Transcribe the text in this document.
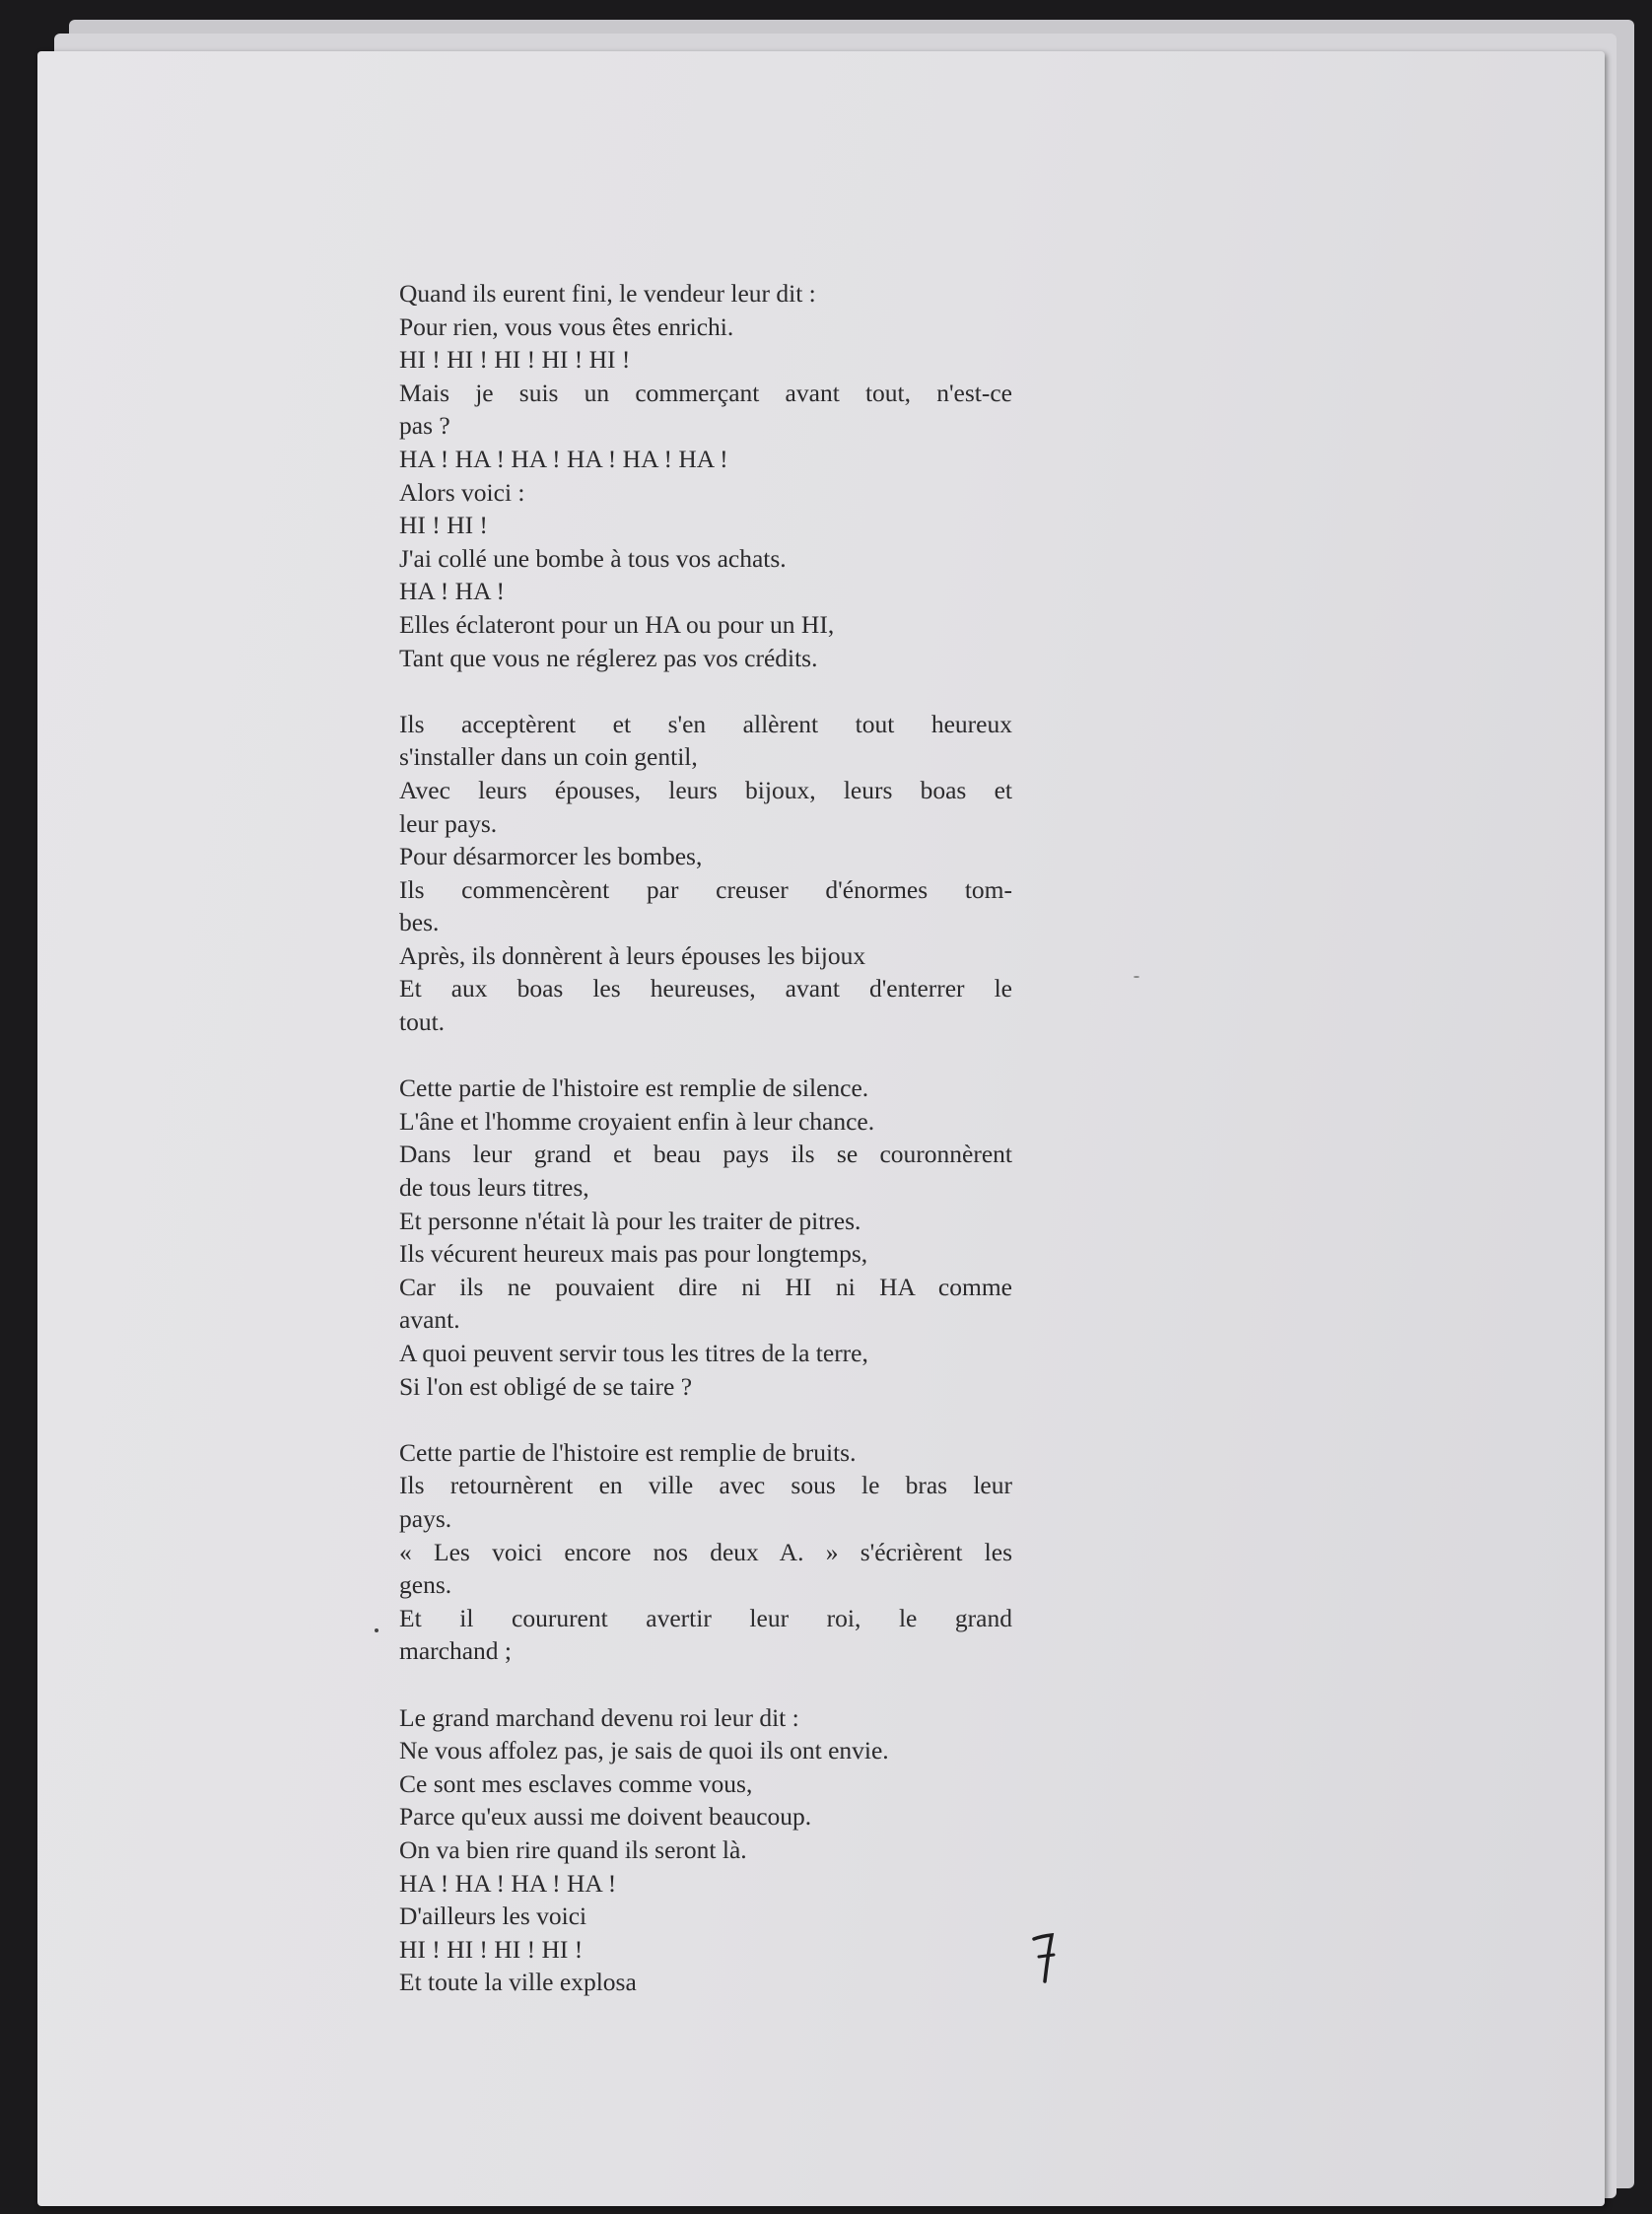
Quand ils eurent fini, le vendeur leur dit :
Pour rien, vous vous êtes enrichi.
HI ! HI ! HI ! HI ! HI !
Mais je suis un commerçant avant tout, n'est-ce
pas ?
HA ! HA ! HA ! HA ! HA ! HA !
Alors voici :
HI ! HI !
J'ai collé une bombe à tous vos achats.
HA ! HA !
Elles éclateront pour un HA ou pour un HI,
Tant que vous ne réglerez pas vos crédits.
Ils acceptèrent et s'en allèrent tout heureux
s'installer dans un coin gentil,
Avec leurs épouses, leurs bijoux, leurs boas et
leur pays.
Pour désarmorcer les bombes,
Ils commencèrent par creuser d'énormes tom-
bes.
Après, ils donnèrent à leurs épouses les bijoux
Et aux boas les heureuses, avant d'enterrer le
tout.
Cette partie de l'histoire est remplie de silence.
L'âne et l'homme croyaient enfin à leur chance.
Dans leur grand et beau pays ils se couronnèrent
de tous leurs titres,
Et personne n'était là pour les traiter de pitres.
Ils vécurent heureux mais pas pour longtemps,
Car ils ne pouvaient dire ni HI ni HA comme
avant.
A quoi peuvent servir tous les titres de la terre,
Si l'on est obligé de se taire ?
Cette partie de l'histoire est remplie de bruits.
Ils retournèrent en ville avec sous le bras leur
pays.
« Les voici encore nos deux A. » s'écrièrent les
gens.
Et il coururent avertir leur roi, le grand
marchand ;
Le grand marchand devenu roi leur dit :
Ne vous affolez pas, je sais de quoi ils ont envie.
Ce sont mes esclaves comme vous,
Parce qu'eux aussi me doivent beaucoup.
On va bien rire quand ils seront là.
HA ! HA ! HA ! HA !
D'ailleurs les voici
HI ! HI ! HI ! HI !
Et toute la ville explosa
